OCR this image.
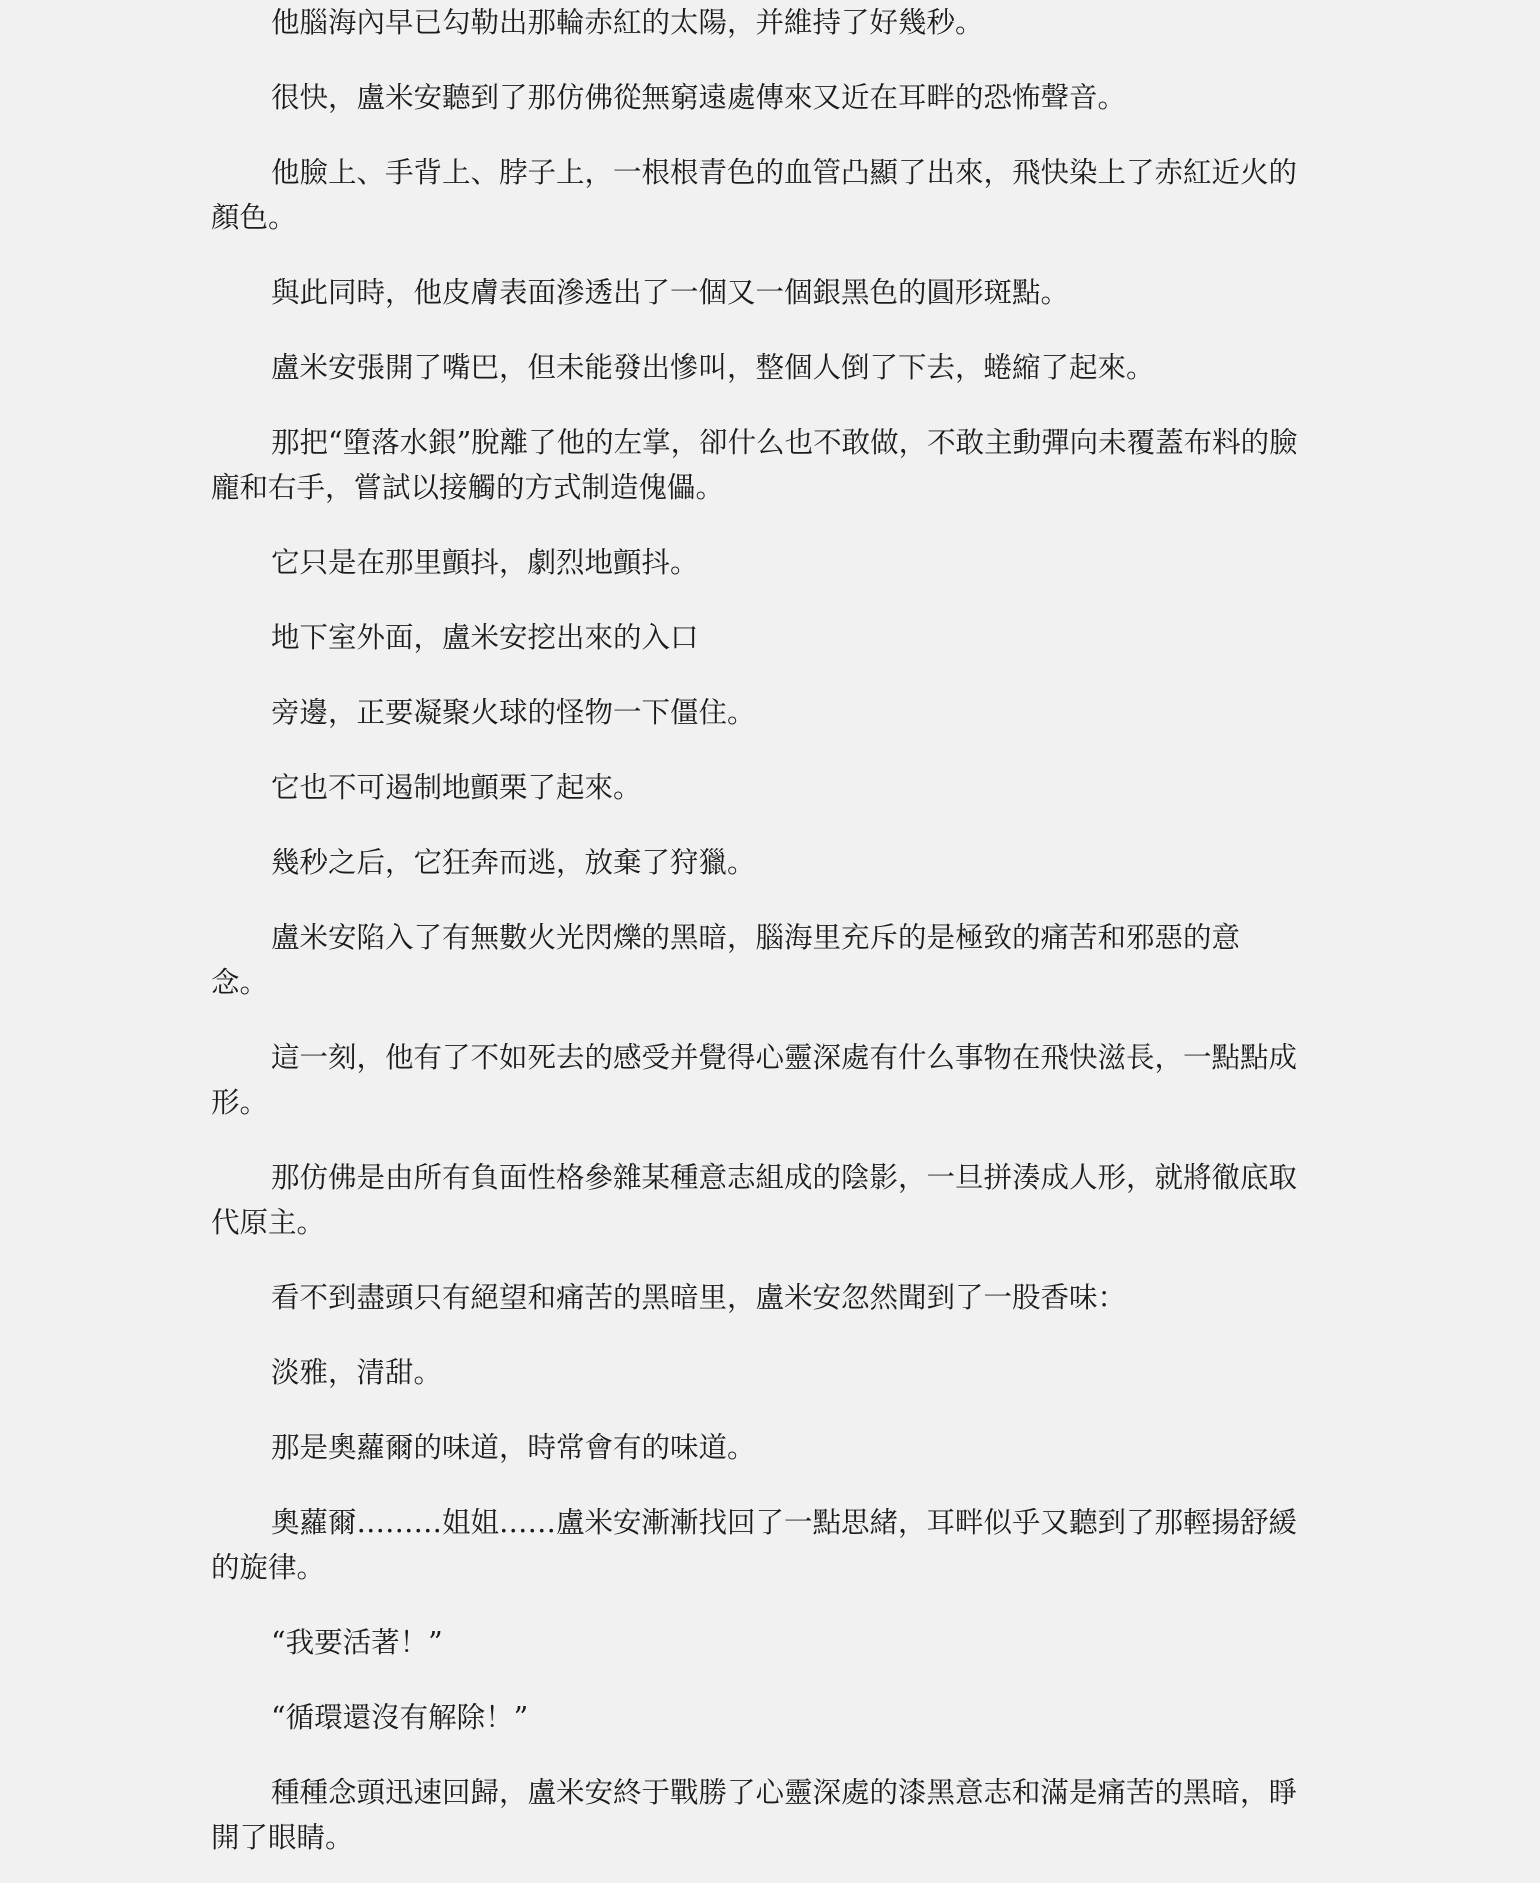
他腦海內早已勾勒出那輪赤紅的太陽，并維持了好幾秒。

很快，盧米安聽到了那仿佛從無窮遠處傳來又近在耳畔的恐怖聲音。

他臉上、手背上、脖子上，一根根青色的血管凸顯了出來，飛快染上了赤紅近火的顏色。

與此同時，他皮膚表面滲透出了一個又一個銀黑色的圓形斑點。

盧米安張開了嘴巴，但未能發出慘叫，整個人倒了下去，蜷縮了起來。

那把“墮落水銀”脫離了他的左掌，卻什么也不敢做，不敢主動彈向未覆蓋布料的臉龐和右手，嘗試以接觸的方式制造傀儡。

它只是在那里顫抖，劇烈地顫抖。

地下室外面，盧米安挖出來的入口

旁邊，正要凝聚火球的怪物一下僵住。

它也不可遏制地顫栗了起來。

幾秒之后，它狂奔而逃，放棄了狩獵。

盧米安陷入了有無數火光閃爍的黑暗，腦海里充斥的是極致的痛苦和邪惡的意念。

這一刻，他有了不如死去的感受并覺得心靈深處有什么事物在飛快滋長，一點點成形。

那仿佛是由所有負面性格參雜某種意志組成的陰影，一旦拼湊成人形，就將徹底取代原主。

看不到盡頭只有絕望和痛苦的黑暗里，盧米安忽然聞到了一股香味：

淡雅，清甜。

那是奧蘿爾的味道，時常會有的味道。

奧蘿爾………姐姐……盧米安漸漸找回了一點思緒，耳畔似乎又聽到了那輕揚舒緩的旋律。

“我要活著！”

“循環還沒有解除！”

種種念頭迅速回歸，盧米安終于戰勝了心靈深處的漆黑意志和滿是痛苦的黑暗，睜開了眼睛。
